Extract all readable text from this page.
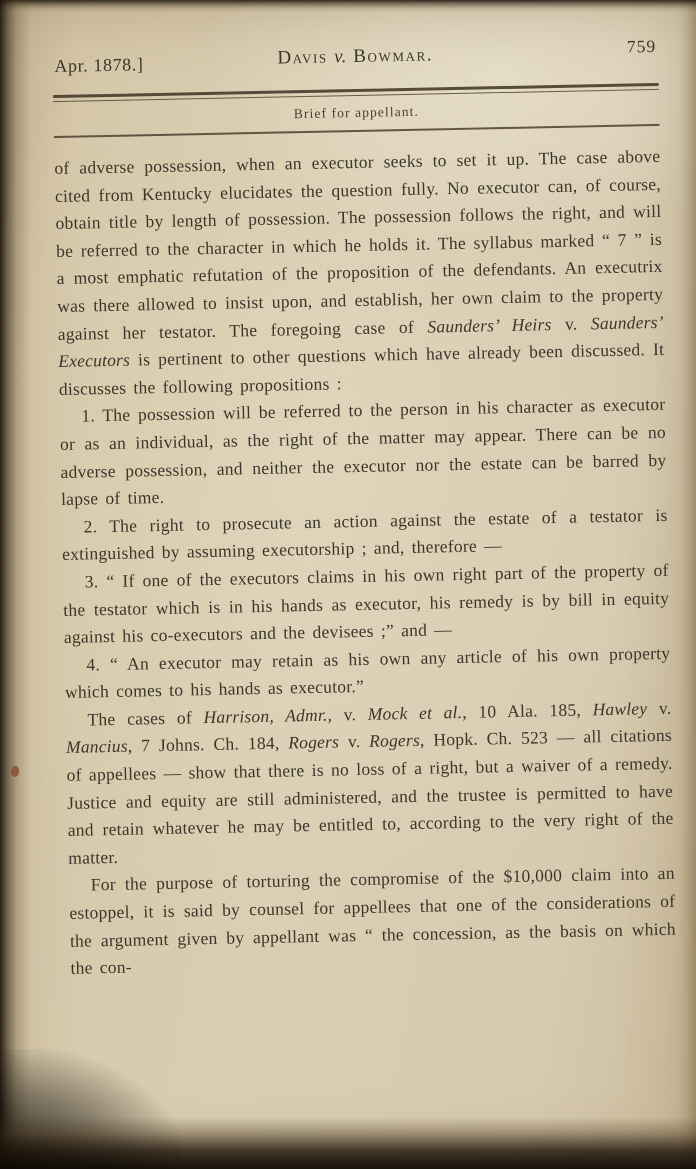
Apr. 1878.]	Davis v. Bowmar.	759
Brief for appellant.

of adverse possession, when an executor seeks to set it up. The case above cited from Kentucky elucidates the question fully. No executor can, of course, obtain title by length of possession. The possession follows the right, and will be referred to the character in which he holds it. The syllabus marked “ 7 ” is a most emphatic refutation of the proposition of the defendants. An executrix was there allowed to insist upon, and establish, her own claim to the property against her testator. The foregoing case of Saunders’ Heirs v. Saunders’ Executors is pertinent to other questions which have already been discussed. It discusses the following propositions :

1. The possession will be referred to the person in his character as executor or as an individual, as the right of the matter may appear. There can be no adverse possession, and neither the executor nor the estate can be barred by lapse of time.

2. The right to prosecute an action against the estate of a testator is extinguished by assuming executorship ; and, therefore —

3. “ If one of the executors claims in his own right part of the property of the testator which is in his hands as executor, his remedy is by bill in equity against his co-executors and the devisees ;” and —

4. “ An executor may retain as his own any article of his own property which comes to his hands as executor.”

The cases of Harrison, Admr., v. Mock et al., 10 Ala. 185, Hawley v. Mancius, 7 Johns. Ch. 184, Rogers v. Rogers, Hopk. Ch. 523 — all citations of appellees — show that there is no loss of a right, but a waiver of a remedy. Justice and equity are still administered, and the trustee is permitted to have and retain whatever he may be entitled to, according to the very right of the matter.

For the purpose of torturing the compromise of the $10,000 claim into an estoppel, it is said by counsel for appellees that one of the considerations of the argument given by appellant was “ the concession, as the basis on which the con-
